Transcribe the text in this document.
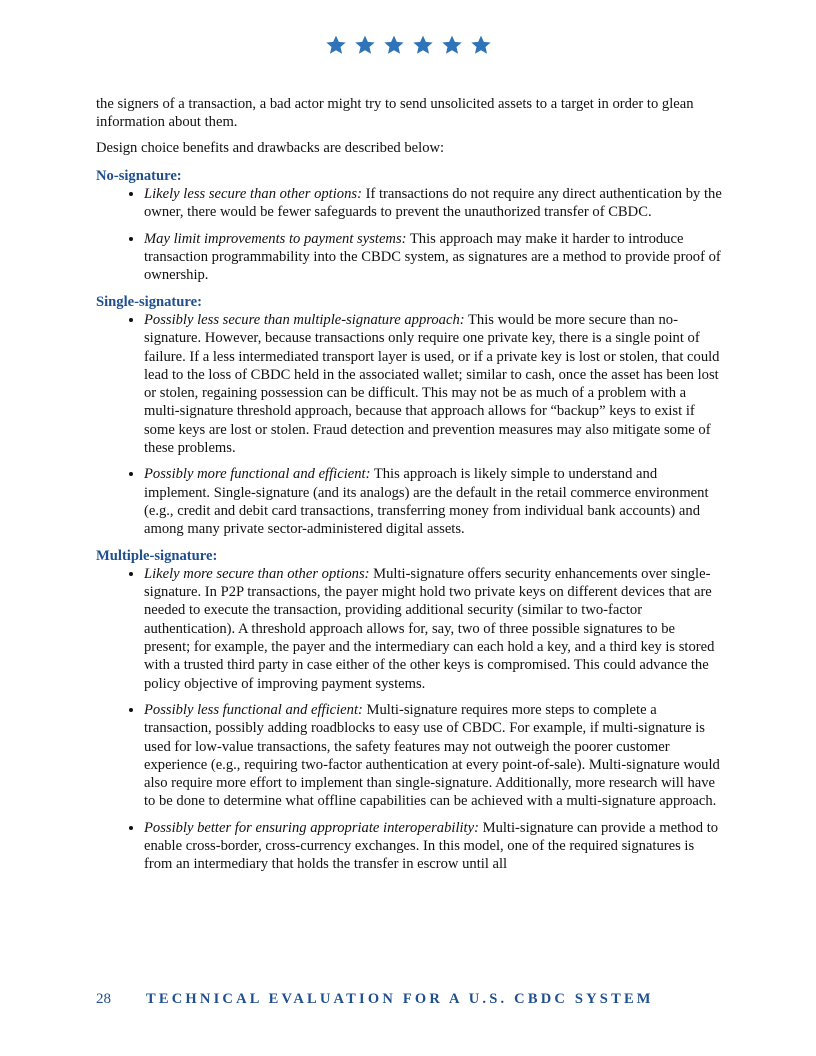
the signers of a transaction, a bad actor might try to send unsolicited assets to a target in order to glean information about them.

Design choice benefits and drawbacks are described below:

No-signature:

• Likely less secure than other options: If transactions do not require any direct authentication by the owner, there would be fewer safeguards to prevent the unauthorized transfer of CBDC.
• May limit improvements to payment systems: This approach may make it harder to introduce transaction programmability into the CBDC system, as signatures are a method to provide proof of ownership.

Single-signature:

• Possibly less secure than multiple-signature approach: This would be more secure than no-signature. However, because transactions only require one private key, there is a single point of failure. If a less intermediated transport layer is used, or if a private key is lost or stolen, that could lead to the loss of CBDC held in the associated wallet; similar to cash, once the asset has been lost or stolen, regaining possession can be difficult. This may not be as much of a problem with a multi-signature threshold approach, because that approach allows for “backup” keys to exist if some keys are lost or stolen. Fraud detection and prevention measures may also mitigate some of these problems.
• Possibly more functional and efficient: This approach is likely simple to understand and implement. Single-signature (and its analogs) are the default in the retail commerce environment (e.g., credit and debit card transactions, transferring money from individual bank accounts) and among many private sector-administered digital assets.

Multiple-signature:

• Likely more secure than other options: Multi-signature offers security enhancements over single-signature. In P2P transactions, the payer might hold two private keys on different devices that are needed to execute the transaction, providing additional security (similar to two-factor authentication). A threshold approach allows for, say, two of three possible signatures to be present; for example, the payer and the intermediary can each hold a key, and a third key is stored with a trusted third party in case either of the other keys is compromised. This could advance the policy objective of improving payment systems.
• Possibly less functional and efficient: Multi-signature requires more steps to complete a transaction, possibly adding roadblocks to easy use of CBDC. For example, if multi-signature is used for low-value transactions, the safety features may not outweigh the poorer customer experience (e.g., requiring two-factor authentication at every point-of-sale). Multi-signature would also require more effort to implement than single-signature. Additionally, more research will have to be done to determine what offline capabilities can be achieved with a multi-signature approach.
• Possibly better for ensuring appropriate interoperability: Multi-signature can provide a method to enable cross-border, cross-currency exchanges. In this model, one of the required signatures is from an intermediary that holds the transfer in escrow until all
28	TECHNICAL EVALUATION FOR A U.S. CBDC SYSTEM
